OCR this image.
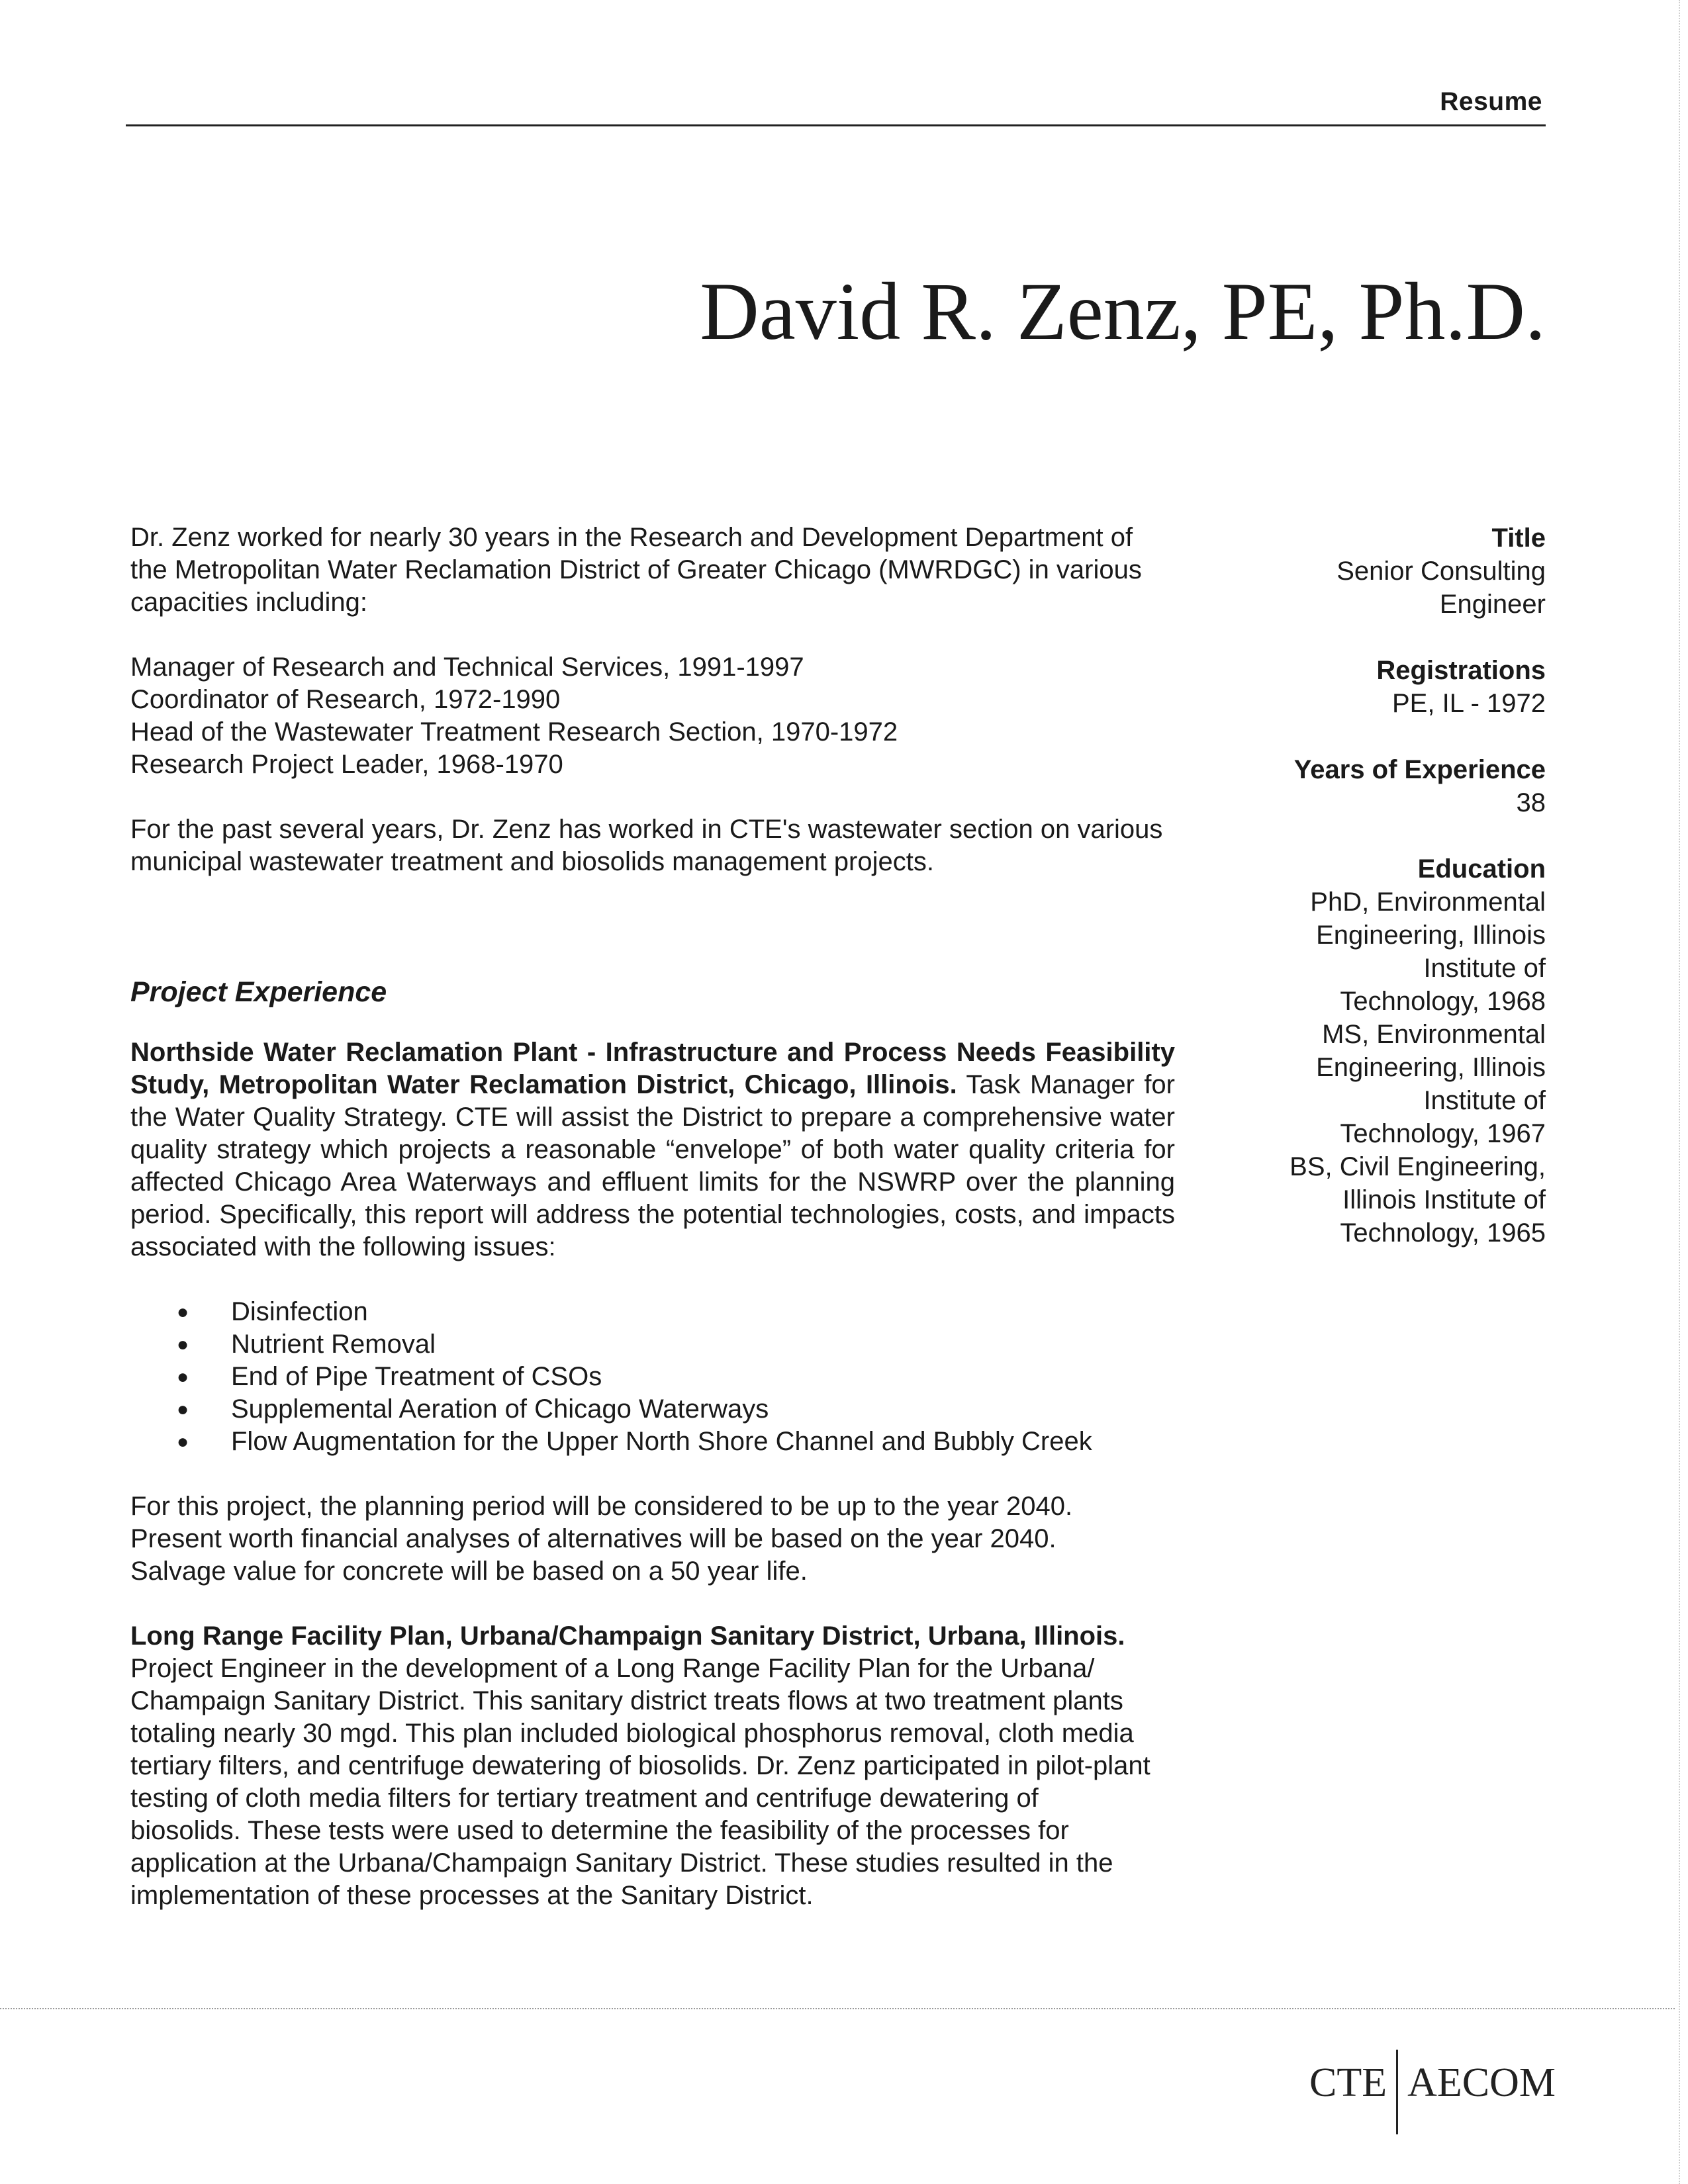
Resume
David R. Zenz, PE, Ph.D.

Dr. Zenz worked for nearly 30 years in the Research and Development Department of the Metropolitan Water Reclamation District of Greater Chicago (MWRDGC) in various capacities including:

Manager of Research and Technical Services, 1991-1997
Coordinator of Research, 1972-1990
Head of the Wastewater Treatment Research Section, 1970-1972
Research Project Leader, 1968-1970

For the past several years, Dr. Zenz has worked in CTE's wastewater section on various municipal wastewater treatment and biosolids management projects.

Project Experience

Northside Water Reclamation Plant - Infrastructure and Process Needs Feasibility Study, Metropolitan Water Reclamation District, Chicago, Illinois. Task Manager for the Water Quality Strategy. CTE will assist the District to prepare a comprehensive water quality strategy which projects a reasonable “envelope” of both water quality criteria for affected Chicago Area Waterways and effluent limits for the NSWRP over the planning period. Specifically, this report will address the potential technologies, costs, and impacts associated with the following issues:

● Disinfection
● Nutrient Removal
● End of Pipe Treatment of CSOs
● Supplemental Aeration of Chicago Waterways
● Flow Augmentation for the Upper North Shore Channel and Bubbly Creek
For this project, the planning period will be considered to be up to the year 2040.
Present worth financial analyses of alternatives will be based on the year 2040.
Salvage value for concrete will be based on a 50 year life.
Long Range Facility Plan, Urbana/Champaign Sanitary District, Urbana, Illinois.
Project Engineer in the development of a Long Range Facility Plan for the Urbana/
Champaign Sanitary District. This sanitary district treats flows at two treatment plants
totaling nearly 30 mgd. This plan included biological phosphorus removal, cloth media
tertiary filters, and centrifuge dewatering of biosolids. Dr. Zenz participated in pilot-plant
testing of cloth media filters for tertiary treatment and centrifuge dewatering of
biosolids. These tests were used to determine the feasibility of the processes for
application at the Urbana/Champaign Sanitary District. These studies resulted in the
implementation of these processes at the Sanitary District.
Title
Senior Consulting
Engineer
Registrations
PE, IL - 1972
Years of Experience
38
Education
PhD, Environmental
Engineering, Illinois
Institute of
Technology, 1968
MS, Environmental
Engineering, Illinois
Institute of
Technology, 1967
BS, Civil Engineering,
Illinois Institute of
Technology, 1965
CTE AECOM
